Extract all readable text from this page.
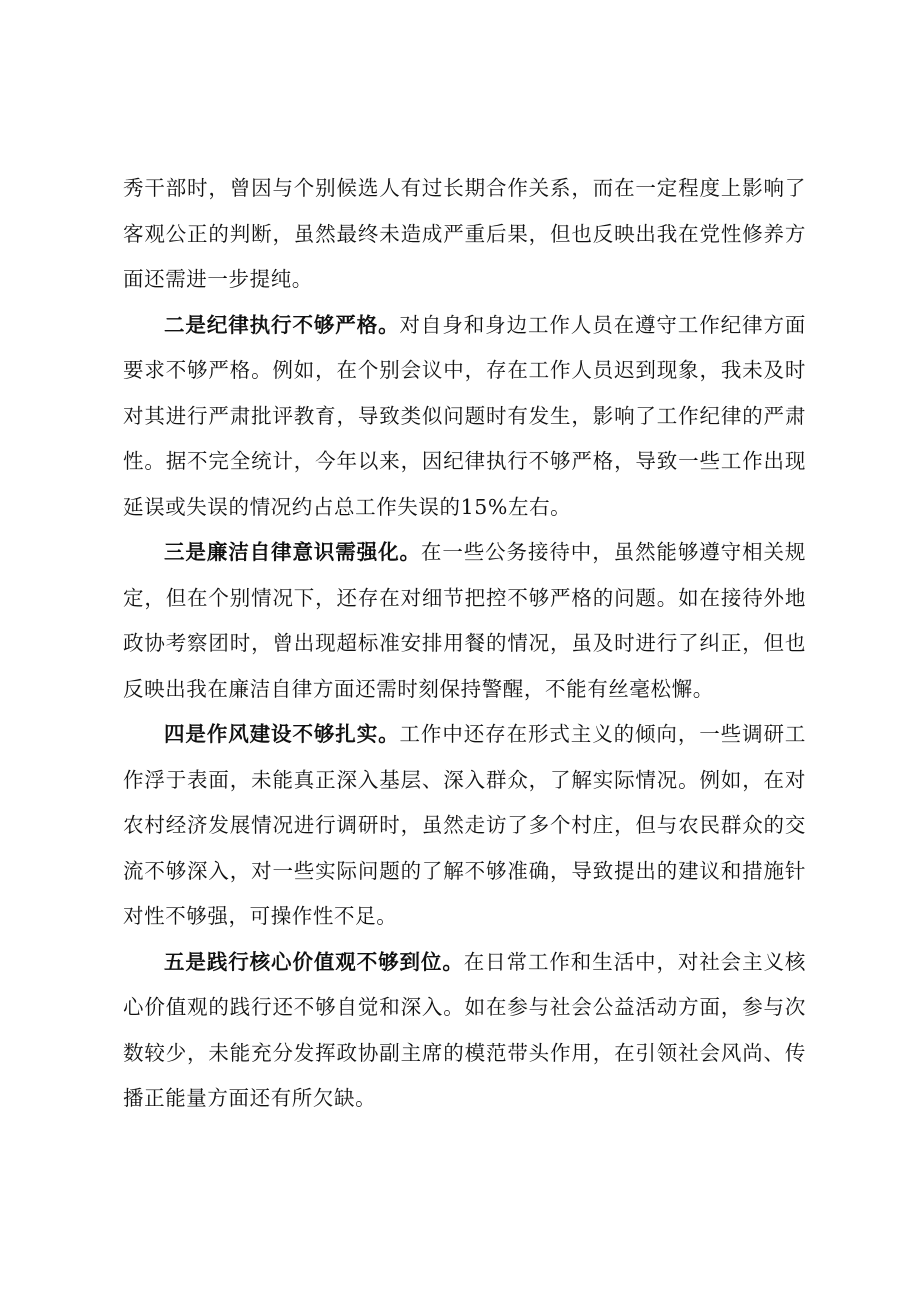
秀干部时，曾因与个别候选人有过长期合作关系，而在一定程度上影响了客观公正的判断，虽然最终未造成严重后果，但也反映出我在党性修养方面还需进一步提纯。

二是纪律执行不够严格。对自身和身边工作人员在遵守工作纪律方面要求不够严格。例如，在个别会议中，存在工作人员迟到现象，我未及时对其进行严肃批评教育，导致类似问题时有发生，影响了工作纪律的严肃性。据不完全统计，今年以来，因纪律执行不够严格，导致一些工作出现延误或失误的情况约占总工作失误的15%左右。

三是廉洁自律意识需强化。在一些公务接待中，虽然能够遵守相关规定，但在个别情况下，还存在对细节把控不够严格的问题。如在接待外地政协考察团时，曾出现超标准安排用餐的情况，虽及时进行了纠正，但也反映出我在廉洁自律方面还需时刻保持警醒，不能有丝毫松懈。

四是作风建设不够扎实。工作中还存在形式主义的倾向，一些调研工作浮于表面，未能真正深入基层、深入群众，了解实际情况。例如，在对农村经济发展情况进行调研时，虽然走访了多个村庄，但与农民群众的交流不够深入，对一些实际问题的了解不够准确，导致提出的建议和措施针对性不够强，可操作性不足。

五是践行核心价值观不够到位。在日常工作和生活中，对社会主义核心价值观的践行还不够自觉和深入。如在参与社会公益活动方面，参与次数较少，未能充分发挥政协副主席的模范带头作用，在引领社会风尚、传播正能量方面还有所欠缺。
